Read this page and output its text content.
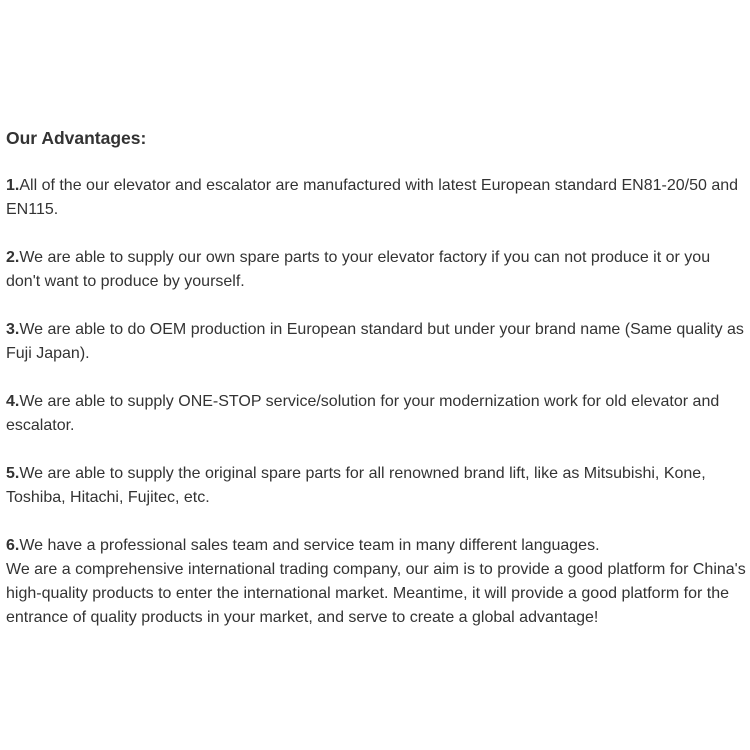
Our Advantages:
1.All of the our elevator and escalator are manufactured with latest European standard EN81-20/50 and EN115.
2.We are able to supply our own spare parts to your elevator factory if you can not produce it or you don't want to produce by yourself.
3.We are able to do OEM production in European standard but under your brand name (Same quality as Fuji Japan).
4.We are able to supply ONE-STOP service/solution for your modernization work for old elevator and escalator.
5.We are able to supply the original spare parts for all renowned brand lift, like as Mitsubishi, Kone, Toshiba, Hitachi, Fujitec, etc.
6.We have a professional sales team and service team in many different languages.
We are a comprehensive international trading company, our aim is to provide a good platform for China's high-quality products to enter the international market. Meantime, it will provide a good platform for the entrance of quality products in your market, and serve to create a global advantage!
